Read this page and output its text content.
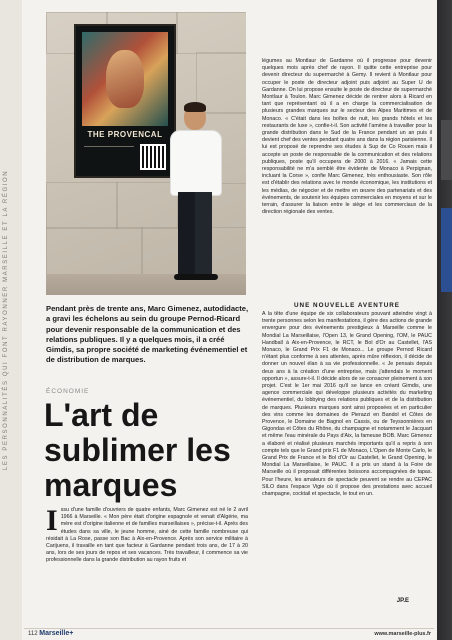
LES PERSONNALITÉS QUI FONT RAYONNER MARSEILLE ET LA RÉGION
THE PROVENCAL

Pendant près de trente ans, Marc Gimenez, autodidacte, a gravi les échelons au sein du groupe Pernod-Ricard pour devenir responsable de la communication et des relations publiques. Il y a quelques mois, il a créé Gimdis, sa propre société de marketing événementiel et de distribution de marques.

ÉCONOMIE
L'art de sublimer les marques

I ssu d'une famille d'ouvriers de quatre enfants, Marc Gimenez est né le 2 avril 1966 à Marseille. « Mon père était d'origine espagnole et venait d'Algérie, ma mère est d'origine italienne et de familles marseillaises », précise-t-il. Après des études dans sa ville, le jeune homme, ainé de cette famille nombreuse qui résidait à La Rose, passe son Bac à Aix-en-Provence. Après son service militaire à Carijuens, il travaille en tant que facteur à Gardanne pendant trois ans, de 17 à 20 ans, lors de ses jours de repos et ses vacances. Très travailleur, il commence sa vie professionnelle dans la grande distribution au rayon fruits et

légumes au Montlaur de Gardanne où il progresse pour devenir quelques mois après chef de rayon. Il quitte cette entreprise pour devenir directeur du supermarché à Gemy. Il revient à Montlaur pour occuper le poste de directeur adjoint puis adjoint au Super U de Gardanne. On lui propose ensuite le poste de directeur de supermarché Montlaur à Toulon. Marc Gimenez décide de rentrer alors à Ricard en tant que représentant où il a en charge la commercialisation de plusieurs grandes marques sur le secteur des Alpes Maritimes et de Monaco. « C'était dans les boîtes de nuit, les grands hôtels et les restaurants de luxe », confie-t-il. Son activité l'amène à travailler pour la grande distribution dans le Sud de la France pendant un an puis il devient chef des ventes pendant quatre ans dans la région parisienne. Il lui est proposé de reprendre ses études à Sup de Co Rouen mais il accepte un poste de responsable de la communication et des relations publiques, poste qu'il occupera de 2000 à 2016. « Jamais cette responsabilité ne m'a semblé être évidente de Monaco à Perpignan, incluant la Corse », confie Marc Gimenez, très enthousiaste. Son rôle est d'établir des relations avec le monde économique, les institutions et les médias, de négocier et de mettre en œuvre des partenariats et des événements, de soutenir les équipes commerciales en moyens et sur le terrain, d'assurer la liaison entre le siège et les commerciaux de la direction régionale des ventes.

UNE NOUVELLE AVENTURE

À la tête d'une équipe de six collaborateurs pouvant atteindre vingt à trente personnes selon les manifestations, il gère des actions de grande envergure pour des événements prestigieux à Marseille comme le Mondial La Marseillaise, l'Open 13, le Grand Opening, l'OM, le PAUC Handball à Aix-en-Provence, le RCT, le Bol d'Or au Castellet, l'AS Monaco, le Grand Prix F1 de Monaco... Le groupe Pernod Ricard n'étant plus conforme à ses attentes, après mûre réflexion, il décide de donner un nouvel élan à sa vie professionnelle. « Je pensais depuis deux ans à la création d'une entreprise, mais j'attendais le moment opportun », assure-t-il. Il décide alors de se consacrer pleinement à son projet. C'est le 1er mai 2016 qu'il se lance en créant Gimdis, une agence commerciale qui développe plusieurs activités du marketing événementiel, du lobbying des relations publiques et de la distribution de marques. Plusieurs marques sont ainsi proposées et en particulier des vins comme les domaines de Pierazzi en Bandol et Côtes de Provence, le Domaine de Bagnol en Cassis, ou de Teyssonnières en Gigondas et Côtes du Rhône, du champagne et notamment le Jacquart et même l'eau minérale du Pays d'Aix, la fameuse BOB. Marc Gimenez a élaboré et réalisé plusieurs marchés importants qu'il a repris à son compte tels que le Grand prix F1 de Monaco, L'Open de Monte Carlo, le Grand Prix de France et le Bol d'Or au Castellet, le Grand Opening, le Mondial La Marseillaise, le PAUC. Il a pris un stand à la Foire de Marseille où il proposait différentes boissons accompagnées de tapas. Pour l'heure, les amateurs de spectacle peuvent se rendre au CEPAC SILO dans l'espace Vigie où il propose des prestations avec accueil champagne, cocktail et spectacle, le tout en un.

JP.E
112 Marseille+	www.marseille-plus.fr
